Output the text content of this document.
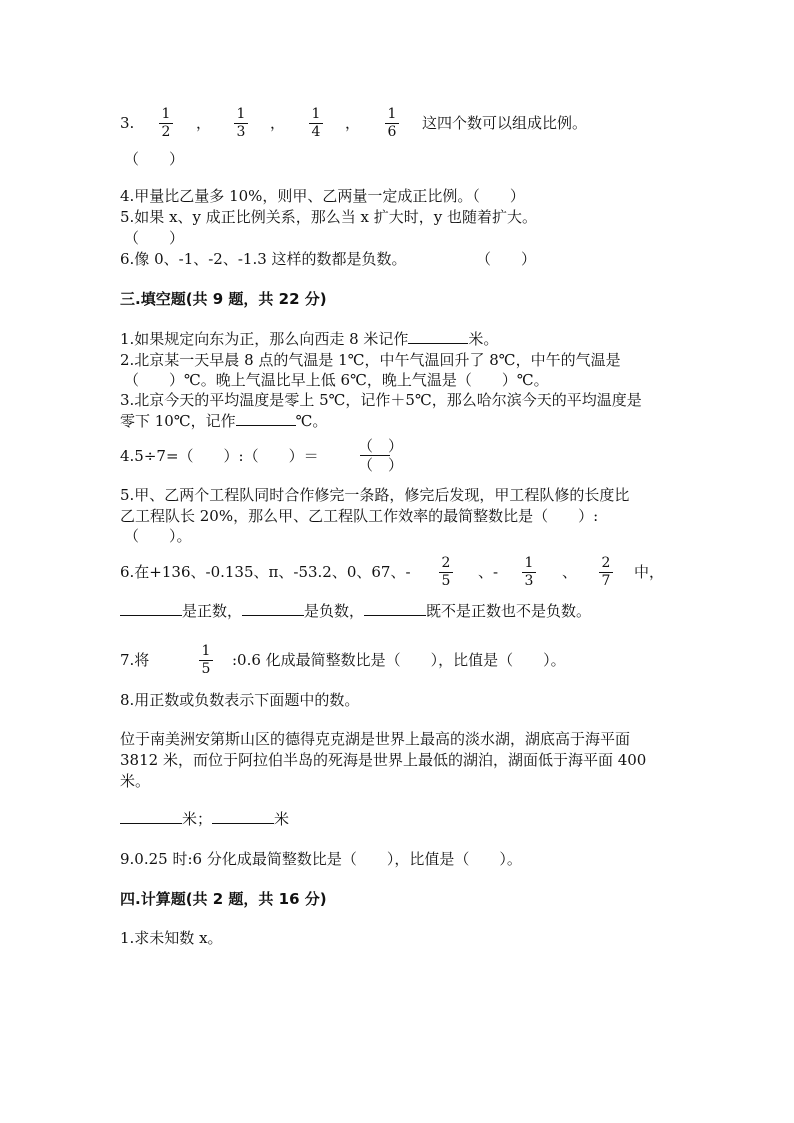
3. 1
2 ， 1
3 ， 1
4 ， 1
6 这四个数可以组成比例。
（　　）
4.甲量比乙量多 10%，则甲、乙两量一定成正比例。（　　）
5.如果 x、y 成正比例关系，那么当 x 扩大时，y 也随着扩大。
（　　）
6.像 0、-1、-2、-1.3 这样的数都是负数。	（　　）
三.填空题(共 9 题，共 22 分)
1.如果规定向东为正，那么向西走 8 米记作	米。
2.北京某一天早晨 8 点的气温是 1℃，中午气温回升了 8℃，中午的气温是
（　　）℃。晚上气温比早上低 6℃，晚上气温是（　　）℃。
3.北京今天的平均温度是零上 5℃，记作＋5℃，那么哈尔滨今天的平均温度是
零下 10℃，记作	℃。
4.5÷7=（　　）:（　　）＝
（　）
（　）
5.甲、乙两个工程队同时合作修完一条路，修完后发现，甲工程队修的长度比
乙工程队长 20%，那么甲、乙工程队工作效率的最简整数比是（　　）:
（　　）。
6.在+136、-0.135、π、-53.2、0、67、- 2
5 、- 1
3 、 2
7 中，
是正数，	是负数，	既不是正数也不是负数。
7.将	1
5 :0.6 化成最简整数比是（　　），比值是（　　）。
8.用正数或负数表示下面题中的数。
位于南美洲安第斯山区的德得克克湖是世界上最高的淡水湖，湖底高于海平面
3812 米，而位于阿拉伯半岛的死海是世界上最低的湖泊，湖面低于海平面 400
米。
米；	米
9.0.25 时:6 分化成最简整数比是（　　），比值是（　　）。
四.计算题(共 2 题，共 16 分)
1.求未知数 x。
